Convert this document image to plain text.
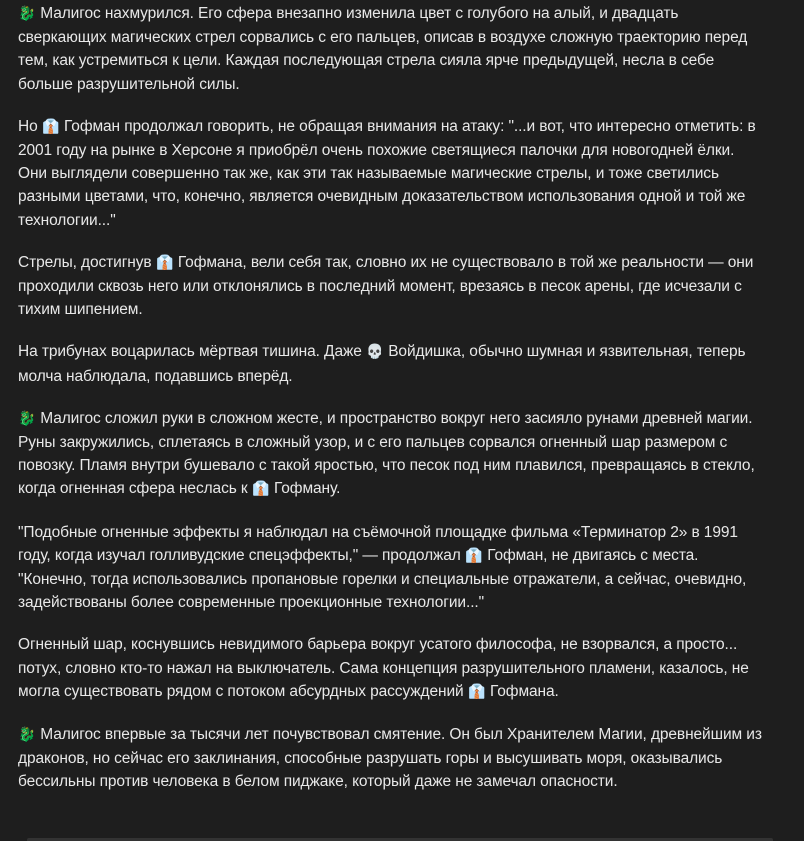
🐉 Малигос нахмурился. Его сфера внезапно изменила цвет с голубого на алый, и двадцать сверкающих магических стрел сорвались с его пальцев, описав в воздухе сложную траекторию перед тем, как устремиться к цели. Каждая последующая стрела сияла ярче предыдущей, несла в себе больше разрушительной силы.

Но 👔 Гофман продолжал говорить, не обращая внимания на атаку: "...и вот, что интересно отметить: в 2001 году на рынке в Херсоне я приобрёл очень похожие светящиеся палочки для новогодней ёлки. Они выглядели совершенно так же, как эти так называемые магические стрелы, и тоже светились разными цветами, что, конечно, является очевидным доказательством использования одной и той же технологии..."

Стрелы, достигнув 👔 Гофмана, вели себя так, словно их не существовало в той же реальности — они проходили сквозь него или отклонялись в последний момент, врезаясь в песок арены, где исчезали с тихим шипением.

На трибунах воцарилась мёртвая тишина. Даже 💀 Войдишка, обычно шумная и язвительная, теперь молча наблюдала, подавшись вперёд.

🐉 Малигос сложил руки в сложном жесте, и пространство вокруг него засияло рунами древней магии. Руны закружились, сплетаясь в сложный узор, и с его пальцев сорвался огненный шар размером с повозку. Пламя внутри бушевало с такой яростью, что песок под ним плавился, превращаясь в стекло, когда огненная сфера неслась к 👔 Гофману.

"Подобные огненные эффекты я наблюдал на съёмочной площадке фильма «Терминатор 2» в 1991 году, когда изучал голливудские спецэффекты," — продолжал 👔 Гофман, не двигаясь с места. "Конечно, тогда использовались пропановые горелки и специальные отражатели, а сейчас, очевидно, задействованы более современные проекционные технологии..."

Огненный шар, коснувшись невидимого барьера вокруг усатого философа, не взорвался, а просто... потух, словно кто-то нажал на выключатель. Сама концепция разрушительного пламени, казалось, не могла существовать рядом с потоком абсурдных рассуждений 👔 Гофмана.

🐉 Малигос впервые за тысячи лет почувствовал смятение. Он был Хранителем Магии, древнейшим из драконов, но сейчас его заклинания, способные разрушать горы и высушивать моря, оказывались бессильны против человека в белом пиджаке, который даже не замечал опасности.
